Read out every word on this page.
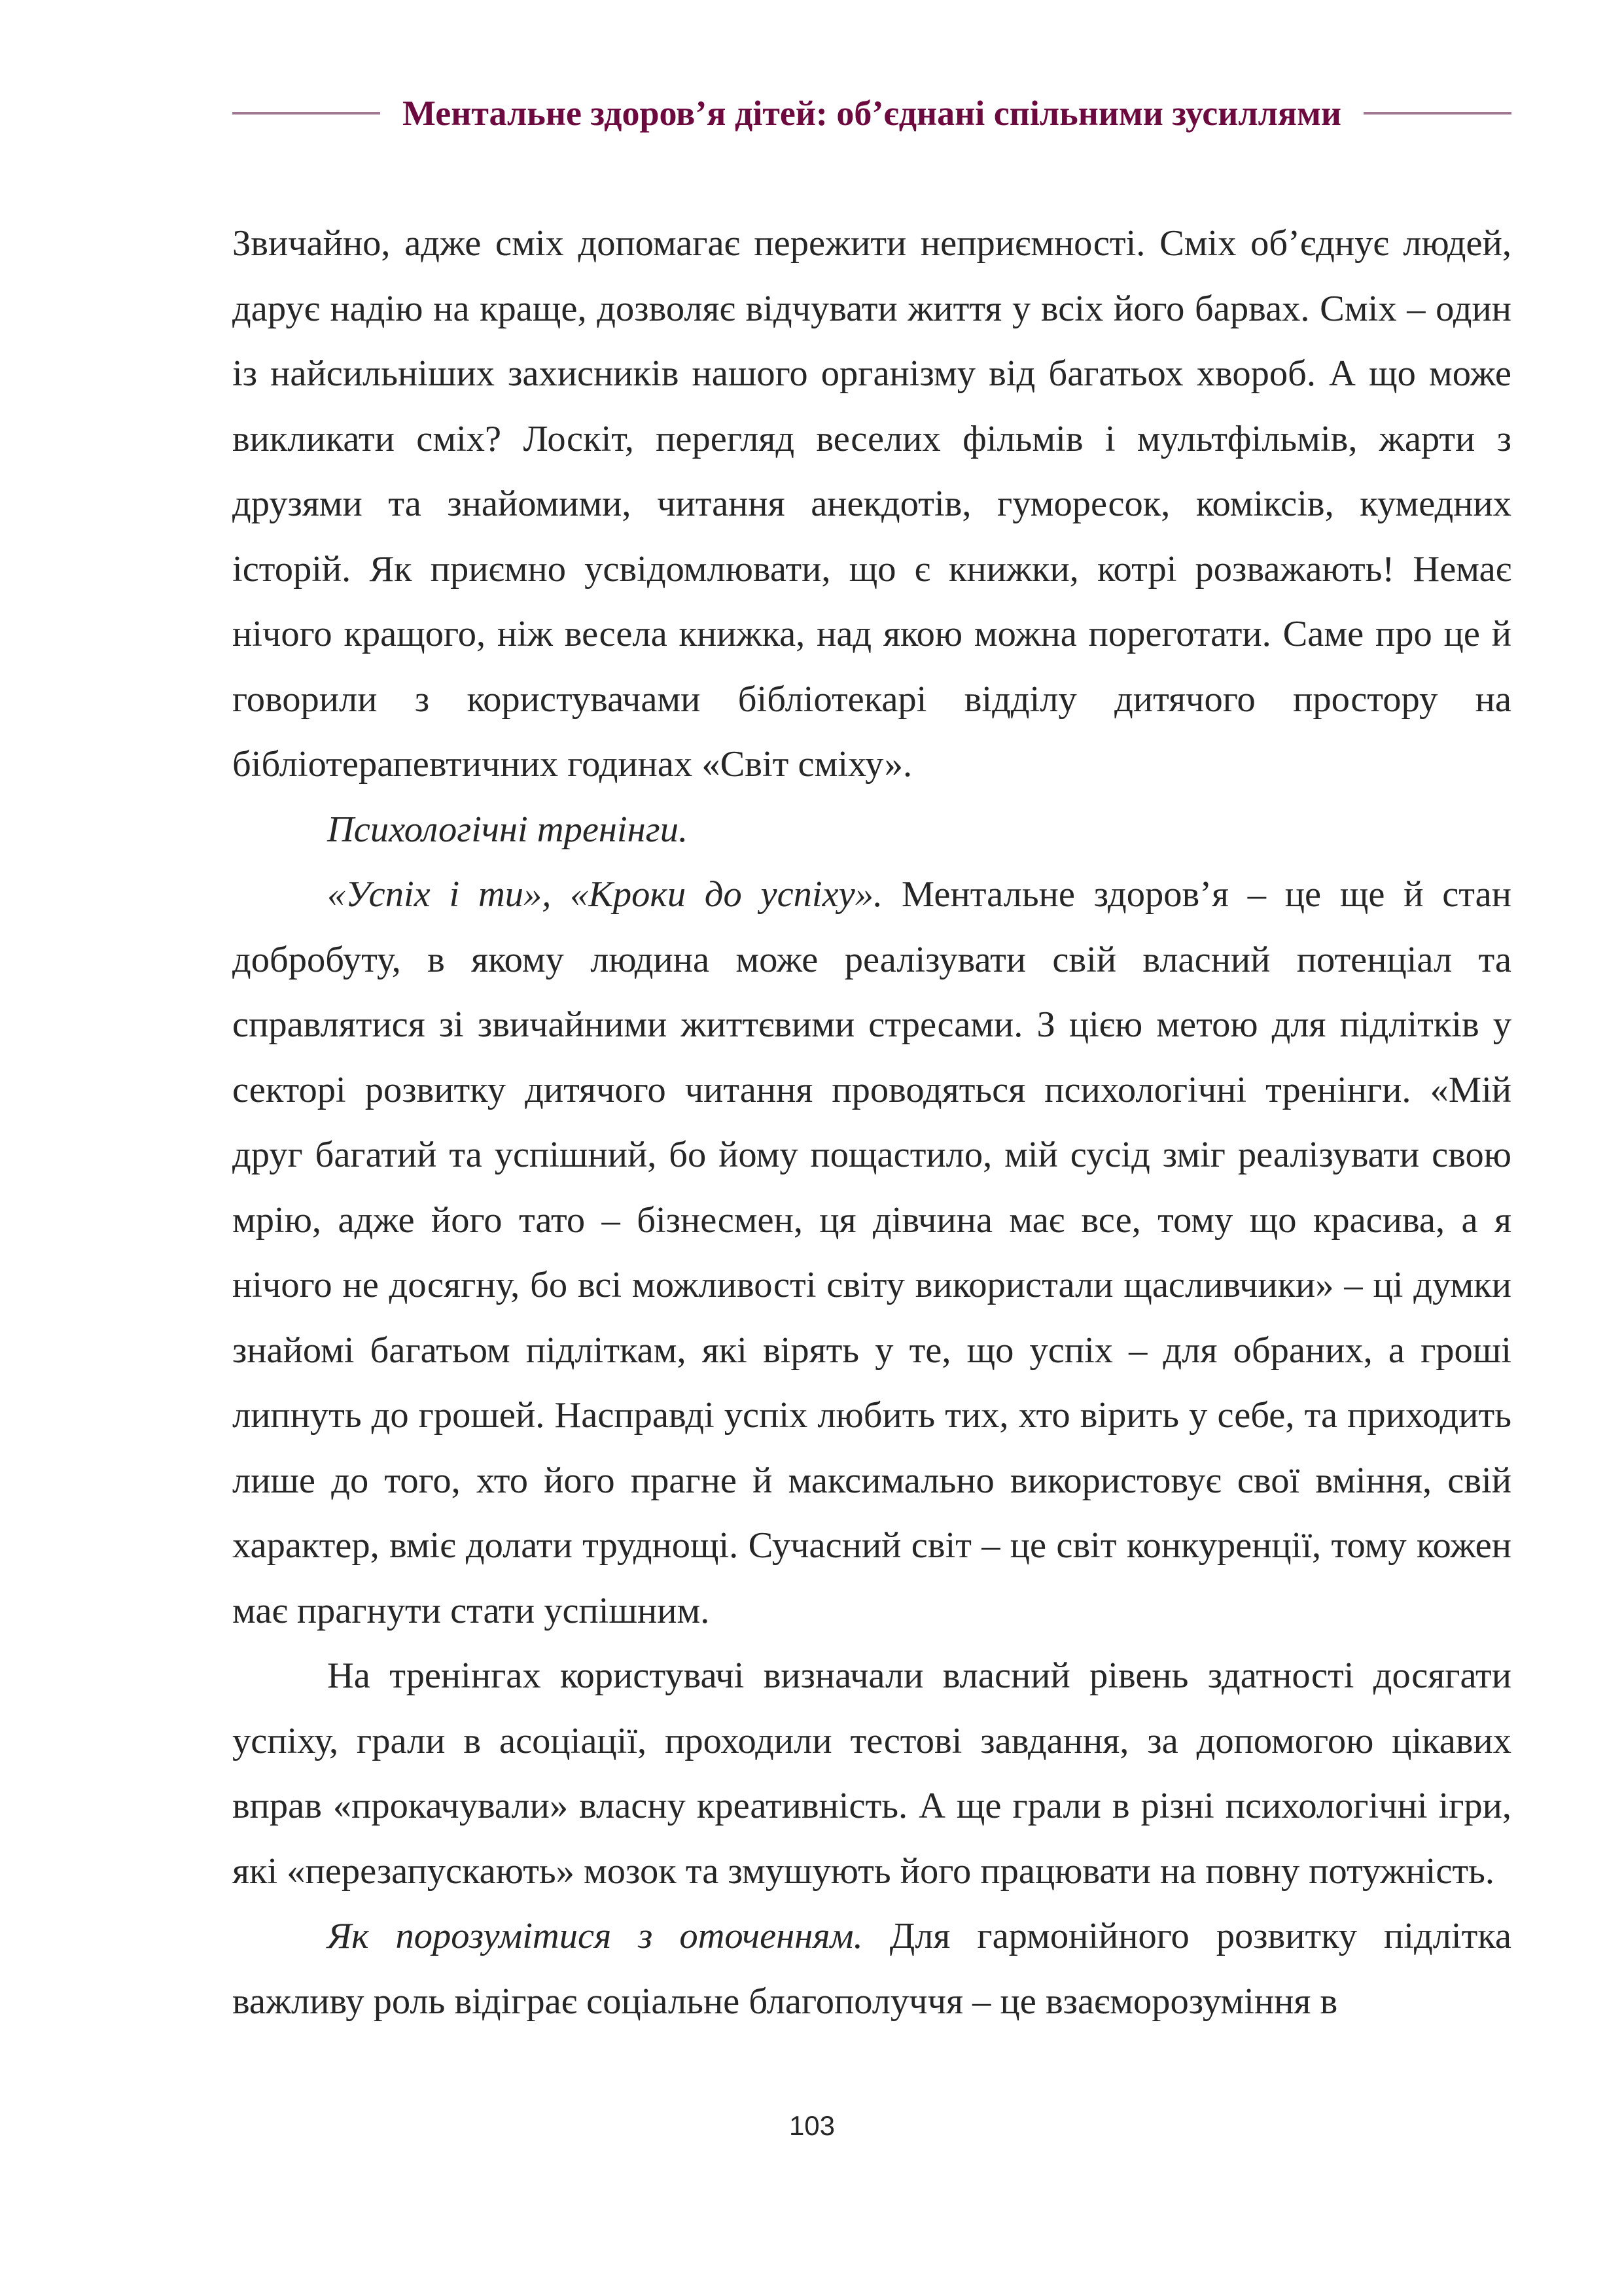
Ментальне здоров’я дітей: об’єднані спільними зусиллями

Звичайно, адже сміх допомагає пережити неприємності. Сміх об’єднує людей, дарує надію на краще, дозволяє відчувати життя у всіх його барвах. Сміх – один із найсильніших захисників нашого організму від багатьох хвороб. А що може викликати сміх? Лоскіт, перегляд веселих фільмів і мультфільмів, жарти з друзями та знайомими, читання анекдотів, гуморесок, коміксів, кумедних історій. Як приємно усвідомлювати, що є книжки, котрі розважають! Немає нічого кращого, ніж весела книжка, над якою можна пореготати. Саме про це й говорили з користувачами бібліотекарі відділу дитячого простору на бібліотерапевтичних годинах «Світ сміху».

Психологічні тренінги.

«Успіх і ти», «Кроки до успіху». Ментальне здоров’я – це ще й стан добробуту, в якому людина може реалізувати свій власний потенціал та справлятися зі звичайними життєвими стресами. З цією метою для підлітків у секторі розвитку дитячого читання проводяться психологічні тренінги. «Мій друг багатий та успішний, бо йому пощастило, мій сусід зміг реалізувати свою мрію, адже його тато – бізнесмен, ця дівчина має все, тому що красива, а я нічого не досягну, бо всі можливості світу використали щасливчики» – ці думки знайомі багатьом підліткам, які вірять у те, що успіх – для обраних, а гроші липнуть до грошей. Насправді успіх любить тих, хто вірить у себе, та приходить лише до того, хто його прагне й максимально використовує свої вміння, свій характер, вміє долати труднощі. Сучасний світ – це світ конкуренції, тому кожен має прагнути стати успішним.

На тренінгах користувачі визначали власний рівень здатності досягати успіху, грали в асоціації, проходили тестові завдання, за допомогою цікавих вправ «прокачували» власну креативність. А ще грали в різні психологічні ігри, які «перезапускають» мозок та змушують його працювати на повну потужність.

Як порозумітися з оточенням. Для гармонійного розвитку підлітка важливу роль відіграє соціальне благополуччя – це взаєморозуміння в

103
